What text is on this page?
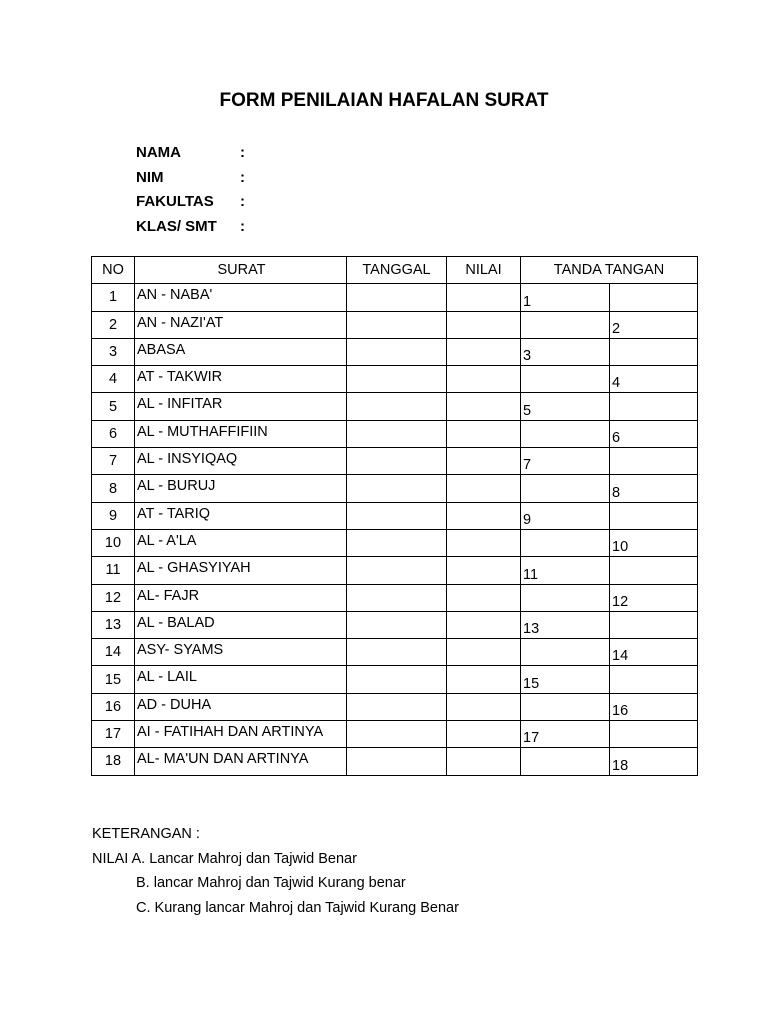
FORM PENILAIAN HAFALAN SURAT
NAMA	:
NIM	:
FAKULTAS	:
KLAS/ SMT	:
NO	SURAT	TANGGAL	NILAI	TANDA TANGAN	
1	AN - NABA'			1	
2	AN - NAZI'AT				2
3	ABASA			3	
4	AT - TAKWIR				4
5	AL - INFITAR			5	
6	AL - MUTHAFFIFIIN				6
7	AL - INSYIQAQ			7	
8	AL - BURUJ				8
9	AT - TARIQ			9	
10	AL - A'LA				10
11	AL - GHASYIYAH			11	
12	AL- FAJR				12
13	AL - BALAD			13	
14	ASY- SYAMS				14
15	AL - LAIL			15	
16	AD - DUHA				16
17	AI - FATIHAH DAN ARTINYA			17	
18	AL- MA'UN DAN ARTINYA				18
KETERANGAN :
NILAI A. Lancar Mahroj dan Tajwid Benar
B. lancar Mahroj dan Tajwid Kurang benar
C. Kurang lancar Mahroj dan Tajwid Kurang Benar
